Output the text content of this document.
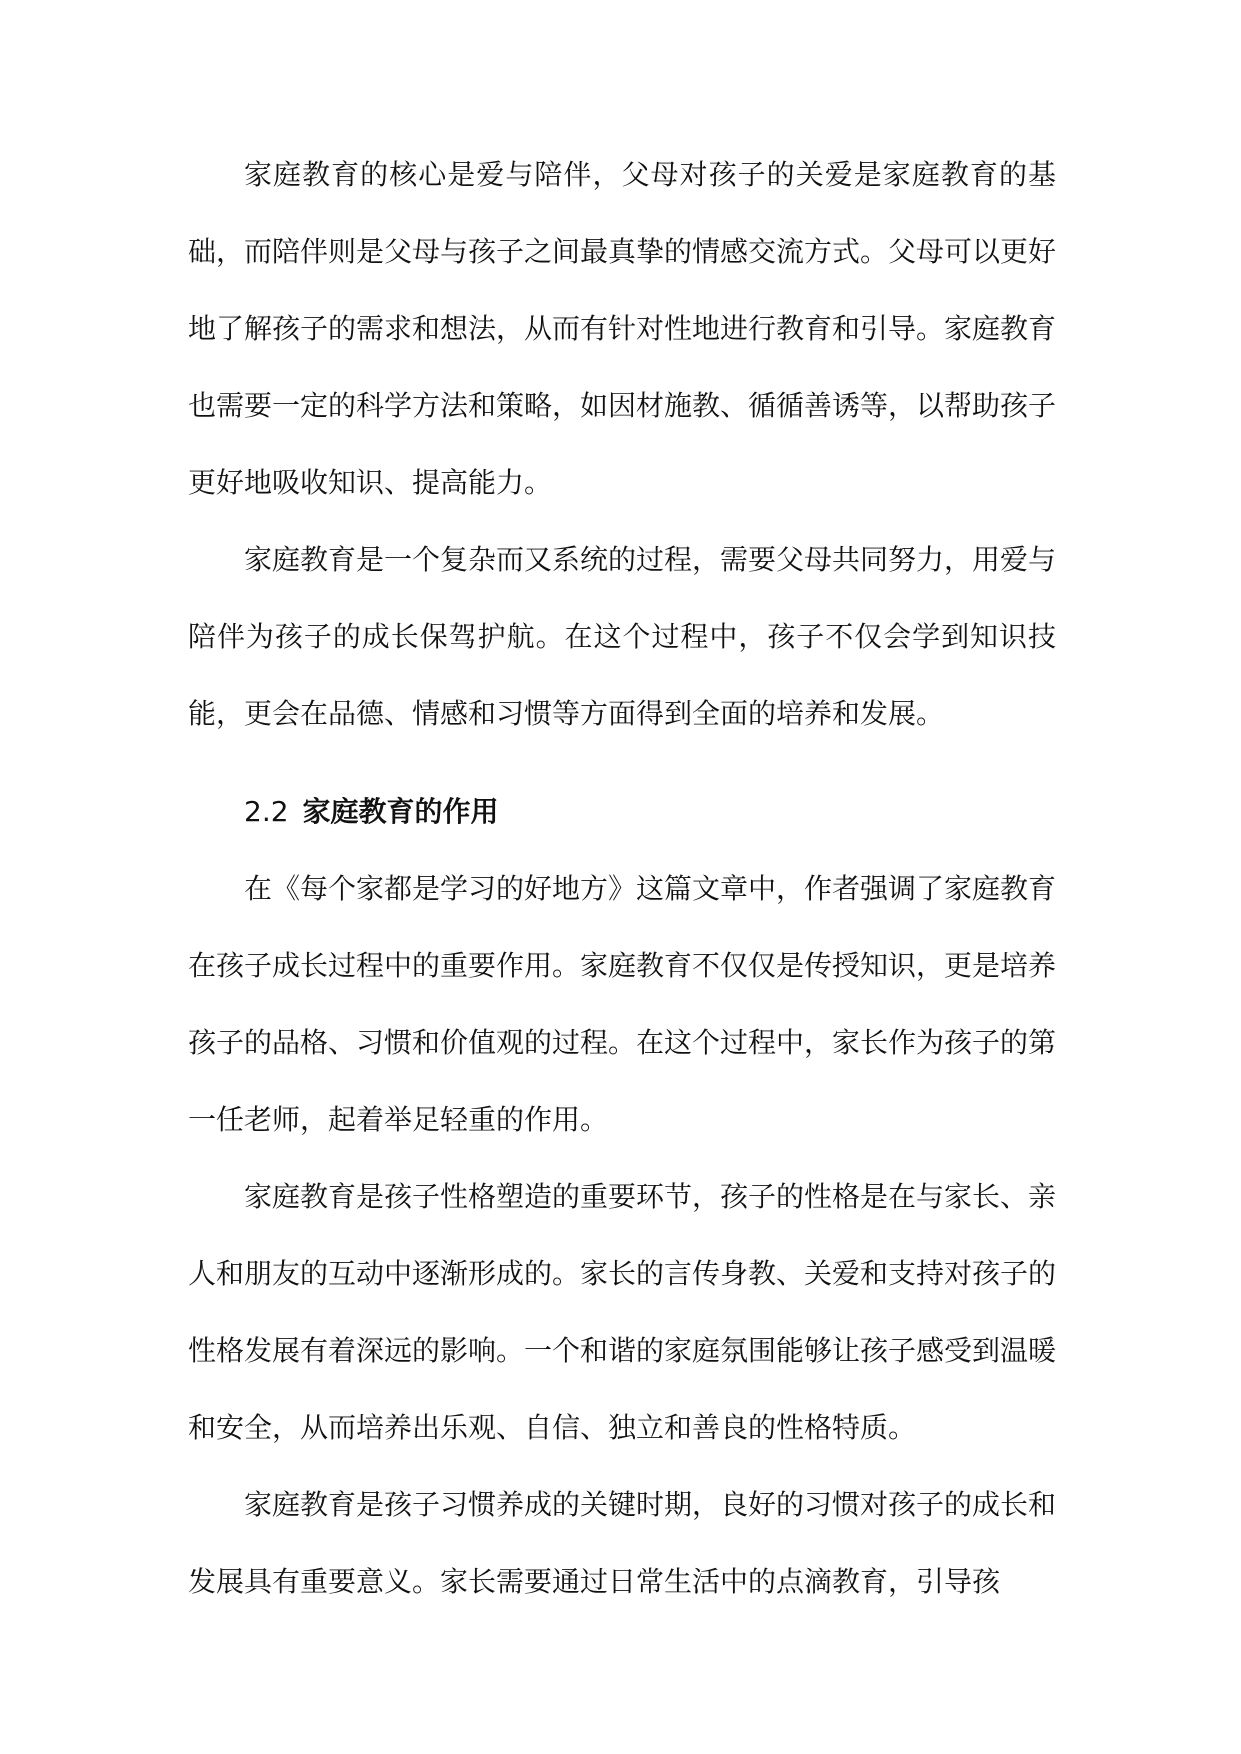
家庭教育的核心是爱与陪伴，父母对孩子的关爱是家庭教育的基础，而陪伴则是父母与孩子之间最真挚的情感交流方式。父母可以更好地了解孩子的需求和想法，从而有针对性地进行教育和引导。家庭教育也需要一定的科学方法和策略，如因材施教、循循善诱等，以帮助孩子更好地吸收知识、提高能力。

家庭教育是一个复杂而又系统的过程，需要父母共同努力，用爱与陪伴为孩子的成长保驾护航。在这个过程中，孩子不仅会学到知识技能，更会在品德、情感和习惯等方面得到全面的培养和发展。

2.2 家庭教育的作用

在《每个家都是学习的好地方》这篇文章中，作者强调了家庭教育在孩子成长过程中的重要作用。家庭教育不仅仅是传授知识，更是培养孩子的品格、习惯和价值观的过程。在这个过程中，家长作为孩子的第一任老师，起着举足轻重的作用。

家庭教育是孩子性格塑造的重要环节，孩子的性格是在与家长、亲人和朋友的互动中逐渐形成的。家长的言传身教、关爱和支持对孩子的性格发展有着深远的影响。一个和谐的家庭氛围能够让孩子感受到温暖和安全，从而培养出乐观、自信、独立和善良的性格特质。

家庭教育是孩子习惯养成的关键时期，良好的习惯对孩子的成长和发展具有重要意义。家长需要通过日常生活中的点滴教育，引导孩
